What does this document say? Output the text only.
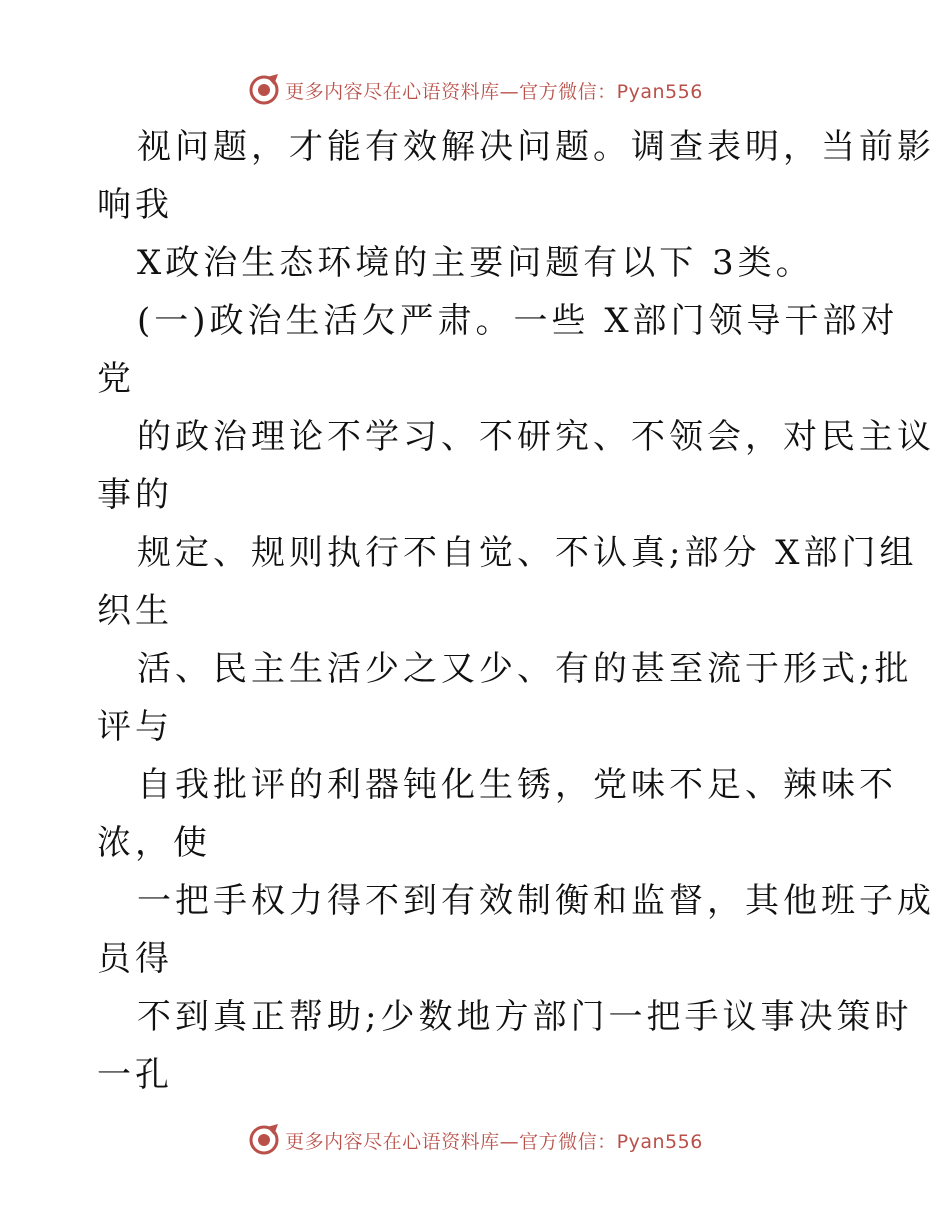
更多内容尽在心语资料库—官方微信：Pyan556
视问题，才能有效解决问题。调查表明，当前影
响我
X政治生态环境的主要问题有以下 3类。
(一)政治生活欠严肃。一些 X部门领导干部对
党
的政治理论不学习、不研究、不领会，对民主议
事的
规定、规则执行不自觉、不认真;部分 X部门组
织生
活、民主生活少之又少、有的甚至流于形式;批
评与
自我批评的利器钝化生锈，党味不足、辣味不
浓，使
一把手权力得不到有效制衡和监督，其他班子成
员得
不到真正帮助;少数地方部门一把手议事决策时
一孔
更多内容尽在心语资料库—官方微信：Pyan556
